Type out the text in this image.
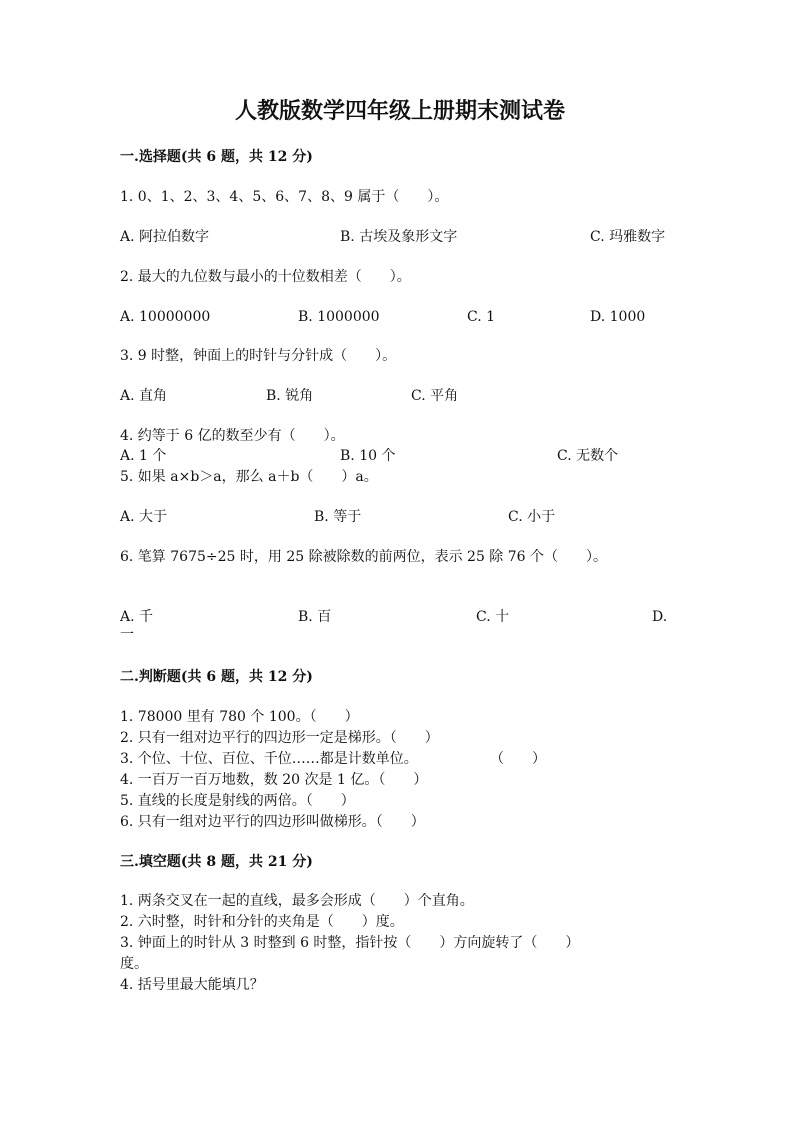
人教版数学四年级上册期末测试卷
一.选择题(共 6 题，共 12 分)
1. 0、1、2、3、4、5、6、7、8、9 属于（　　）。
A. 阿拉伯数字	B. 古埃及象形文字	C. 玛雅数字
2. 最大的九位数与最小的十位数相差（　　）。
A. 10000000	B. 1000000	C. 1	D. 1000
3. 9 时整，钟面上的时针与分针成（　　）。
A. 直角	B. 锐角	C. 平角
4. 约等于 6 亿的数至少有（　　）。
A. 1 个	B. 10 个	C. 无数个
5. 如果 a×b＞a，那么 a＋b（　　）a。
A. 大于	B. 等于	C. 小于
6. 笔算 7675÷25 时，用 25 除被除数的前两位，表示 25 除 76 个（　　）。
A. 千	B. 百	C. 十	D.
一
二.判断题(共 6 题，共 12 分)
1. 78000 里有 780 个 100。（　　）
2. 只有一组对边平行的四边形一定是梯形。（　　）
3. 个位、十位、百位、千位……都是计数单位。	（　　）
4. 一百万一百万地数，数 20 次是 1 亿。（　　）
5. 直线的长度是射线的两倍。（　　）
6. 只有一组对边平行的四边形叫做梯形。（　　）
三.填空题(共 8 题，共 21 分)
1. 两条交叉在一起的直线，最多会形成（　　）个直角。
2. 六时整，时针和分针的夹角是（　　）度。
3. 钟面上的时针从 3 时整到 6 时整，指针按（　　）方向旋转了（　　）
度。
4. 括号里最大能填几？
